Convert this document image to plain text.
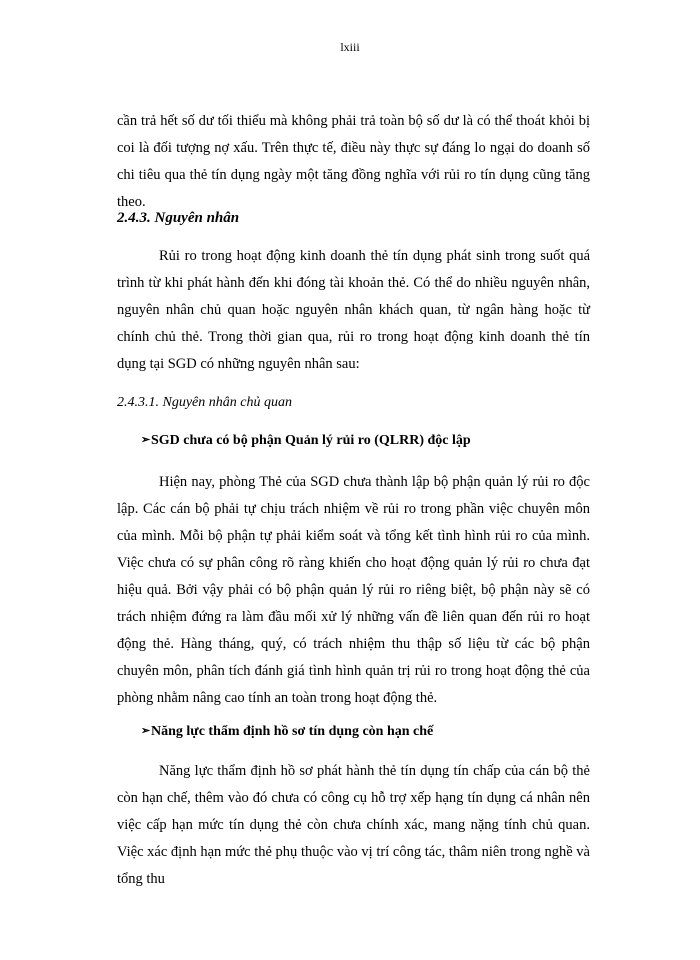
lxiii

cần trả hết số dư tối thiểu mà không phải trả toàn bộ số dư là có thể thoát khỏi bị coi là đối tượng nợ xấu. Trên thực tế, điều này thực sự đáng lo ngại do doanh số chi tiêu qua thẻ tín dụng ngày một tăng đồng nghĩa với rủi ro tín dụng cũng tăng theo.

2.4.3. Nguyên nhân

Rủi ro trong hoạt động kinh doanh thẻ tín dụng phát sinh trong suốt quá trình từ khi phát hành đến khi đóng tài khoản thẻ. Có thể do nhiều nguyên nhân, nguyên nhân chủ quan hoặc nguyên nhân khách quan, từ ngân hàng hoặc từ chính chủ thẻ. Trong thời gian qua, rủi ro trong hoạt động kinh doanh thẻ tín dụng tại SGD có những nguyên nhân sau:

2.4.3.1. Nguyên nhân chủ quan
➢SGD chưa có bộ phận Quản lý rủi ro (QLRR) độc lập

Hiện nay, phòng Thẻ của SGD chưa thành lập bộ phận quản lý rủi ro độc lập. Các cán bộ phải tự chịu trách nhiệm về rủi ro trong phần việc chuyên môn của mình. Mỗi bộ phận tự phải kiểm soát và tổng kết tình hình rủi ro của mình. Việc chưa có sự phân công rõ ràng khiến cho hoạt động quản lý rủi ro chưa đạt hiệu quả. Bởi vậy phải có bộ phận quản lý rủi ro riêng biệt, bộ phận này sẽ có trách nhiệm đứng ra làm đầu mối xử lý những vấn đề liên quan đến rủi ro hoạt động thẻ. Hàng tháng, quý, có trách nhiệm thu thập số liệu từ các bộ phận chuyên môn, phân tích đánh giá tình hình quản trị rủi ro trong hoạt động thẻ của phòng nhằm nâng cao tính an toàn trong hoạt động thẻ.

➢Năng lực thẩm định hồ sơ tín dụng còn hạn chế

Năng lực thẩm định hồ sơ phát hành thẻ tín dụng tín chấp của cán bộ thẻ còn hạn chế, thêm vào đó chưa có công cụ hỗ trợ xếp hạng tín dụng cá nhân nên việc cấp hạn mức tín dụng thẻ còn chưa chính xác, mang nặng tính chủ quan. Việc xác định hạn mức thẻ phụ thuộc vào vị trí công tác, thâm niên trong nghề và tổng thu
